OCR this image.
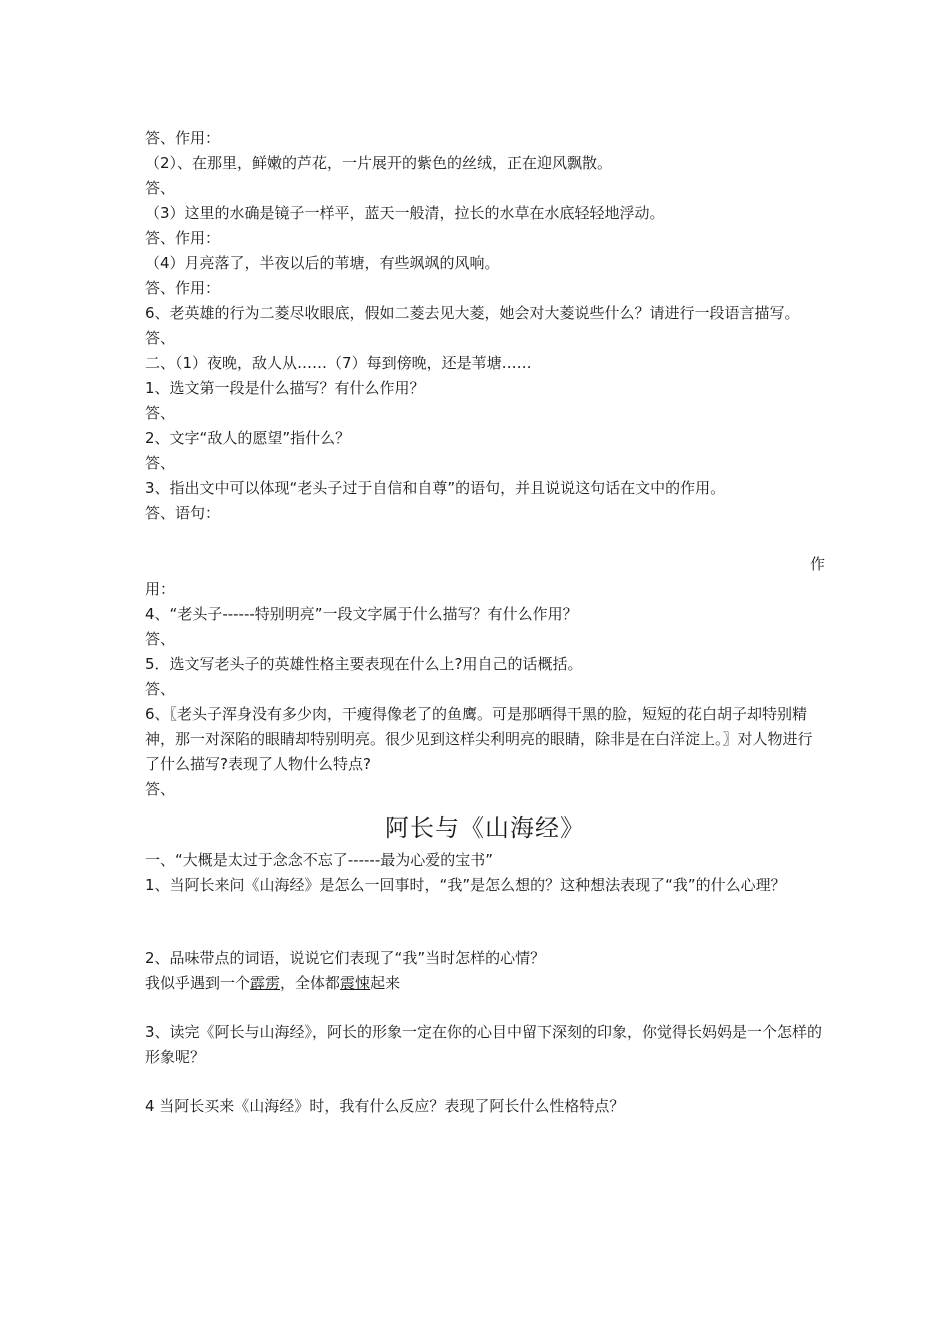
答、作用：
（2）、在那里，鲜嫩的芦花，一片展开的紫色的丝绒，正在迎风飘散。
答、
（3）这里的水确是镜子一样平，蓝天一般清，拉长的水草在水底轻轻地浮动。
答、作用：
（4）月亮落了，半夜以后的苇塘，有些飒飒的风响。
答、作用：
6、老英雄的行为二菱尽收眼底，假如二菱去见大菱，她会对大菱说些什么？请进行一段语言描写。
答、
二、（1）夜晚，敌人从……（7）每到傍晚，还是苇塘……
1、选文第一段是什么描写？有什么作用？
答、
2、文字“敌人的愿望”指什么？
答、
3、指出文中可以体现“老头子过于自信和自尊”的语句，并且说说这句话在文中的作用。
答、语句：
作
用：
4、“老头子------特别明亮”一段文字属于什么描写？有什么作用？
答、
5．选文写老头子的英雄性格主要表现在什么上?用自己的话概括。
答、
6、〖老头子浑身没有多少肉，干瘦得像老了的鱼鹰。可是那晒得干黑的脸，短短的花白胡子却特别精神，那一对深陷的眼睛却特别明亮。很少见到这样尖利明亮的眼睛，除非是在白洋淀上。〗对人物进行了什么描写?表现了人物什么特点?
答、
阿长与《山海经》
一、“大概是太过于念念不忘了------最为心爱的宝书”
1、当阿长来问《山海经》是怎么一回事时，“我”是怎么想的？这种想法表现了“我”的什么心理？
2、品味带点的词语，说说它们表现了“我”当时怎样的心情？
我似乎遇到一个霹雳，全体都震悚起来
3、读完《阿长与山海经》，阿长的形象一定在你的心目中留下深刻的印象，你觉得长妈妈是一个怎样的形象呢？
4 当阿长买来《山海经》时，我有什么反应？表现了阿长什么性格特点？
